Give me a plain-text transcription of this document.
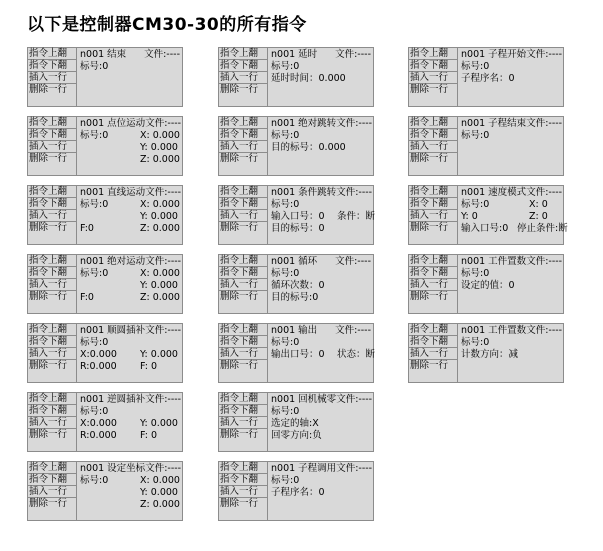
以下是控制器CM30-30的所有指令
指令上翻
指令下翻
插入一行
删除一行
n001 结束 文件:----
标号:0
指令上翻
指令下翻
插入一行
删除一行
n001 延时 文件:----
标号:0
延时时间：0.000
指令上翻
指令下翻
插入一行
删除一行
n001 子程开始 文件:----
标号:0
子程序名：0
指令上翻
指令下翻
插入一行
删除一行
n001 点位运动 文件:----
标号:0	X: 0.000
Y: 0.000
Z: 0.000
指令上翻
指令下翻
插入一行
删除一行
n001 绝对跳转 文件:----
标号:0
目的标号：0.000
指令上翻
指令下翻
插入一行
删除一行
n001 子程结束 文件:----
标号:0
指令上翻
指令下翻
插入一行
删除一行
n001 直线运动 文件:----
标号:0	X: 0.000
Y: 0.000
F:0	Z: 0.000
指令上翻
指令下翻
插入一行
删除一行
n001 条件跳转 文件:----
标号:0
输入口号：0 条件：断
目的标号：0
指令上翻
指令下翻
插入一行
删除一行
n001 速度模式 文件:----
标号:0	X: 0
Y: 0	Z: 0
输入口号:0 停止条件:断
指令上翻
指令下翻
插入一行
删除一行
n001 绝对运动 文件:----
标号:0	X: 0.000
Y: 0.000
F:0	Z: 0.000
指令上翻
指令下翻
插入一行
删除一行
n001 循环 文件:----
标号:0
循环次数：0
目的标号:0
指令上翻
指令下翻
插入一行
删除一行
n001 工件置数 文件:----
标号:0
设定的值：0
指令上翻
指令下翻
插入一行
删除一行
n001 顺圆插补 文件:----
标号:0
X:0.000 Y: 0.000
R:0.000 F: 0
指令上翻
指令下翻
插入一行
删除一行
n001 输出 文件:----
标号:0
输出口号：0 状态：断
指令上翻
指令下翻
插入一行
删除一行
n001 工件置数 文件:----
标号:0
计数方向：减
指令上翻
指令下翻
插入一行
删除一行
n001 逆圆插补 文件:----
标号:0
X:0.000 Y: 0.000
R:0.000 F: 0
指令上翻
指令下翻
插入一行
删除一行
n001 回机械零 文件:----
标号:0
选定的轴:X
回零方向:负
指令上翻
指令下翻
插入一行
删除一行
n001 设定坐标 文件:----
标号:0	X: 0.000
Y: 0.000
Z: 0.000
指令上翻
指令下翻
插入一行
删除一行
n001 子程调用 文件:----
标号:0
子程序名：0
